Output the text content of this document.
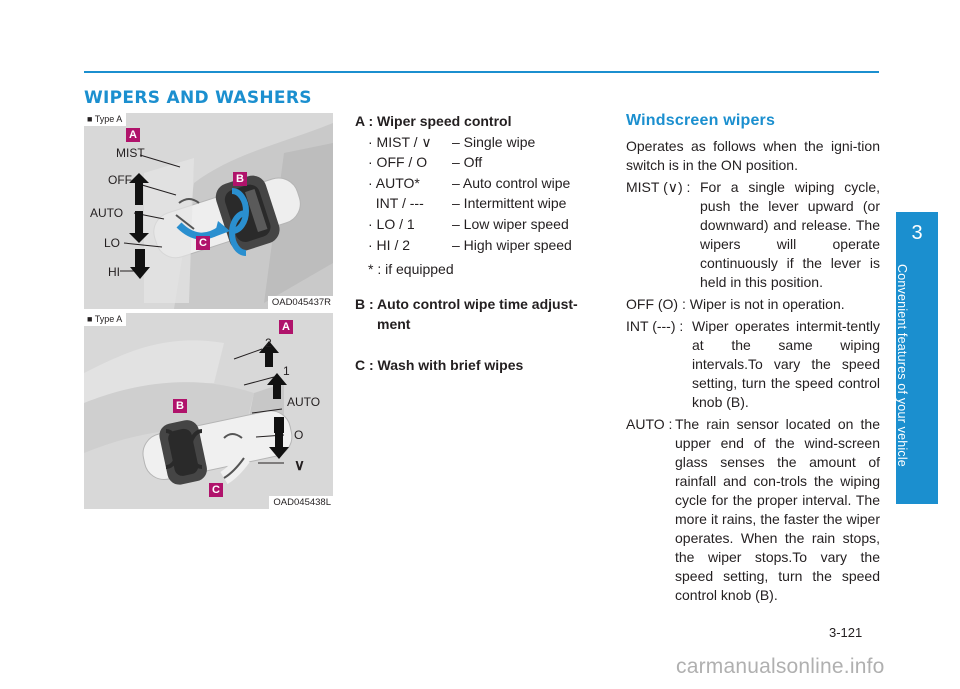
WIPERS AND WASHERS
3
Convenient features of your vehicle
■ Type A
A
B
C
MIST
OFF
AUTO
LO
HI
OAD045437R
■ Type A
A
B
C
2
1
AUTO
O
∨
OAD045438L
A : Wiper speed control
· MIST / ∨	– Single wipe
· OFF / O	– Off
· AUTO*	– Auto control wipe
INT / ---	– Intermittent wipe
· LO / 1	– Low wiper speed
· HI / 2	– High wiper speed
* : if equipped
B : Auto control wipe time adjust-
ment
C : Wash with brief wipes
Windscreen wipers

Operates as follows when the igni-tion switch is in the ON position.

MIST (∨) : For a single wiping cycle, push the lever upward (or downward) and release. The wipers will operate continuously if the lever is held in this position.
OFF (O) : Wiper is not in operation.
INT (---) : Wiper operates intermit-tently at the same wiping intervals.To vary the speed setting, turn the speed control knob (B).
AUTO : The rain sensor located on the upper end of the wind-screen glass senses the amount of rainfall and con-trols the wiping cycle for the proper interval. The more it rains, the faster the wiper operates. When the rain stops, the wiper stops.To vary the speed setting, turn the speed control knob (B).
3-121
carmanualsonline.info
